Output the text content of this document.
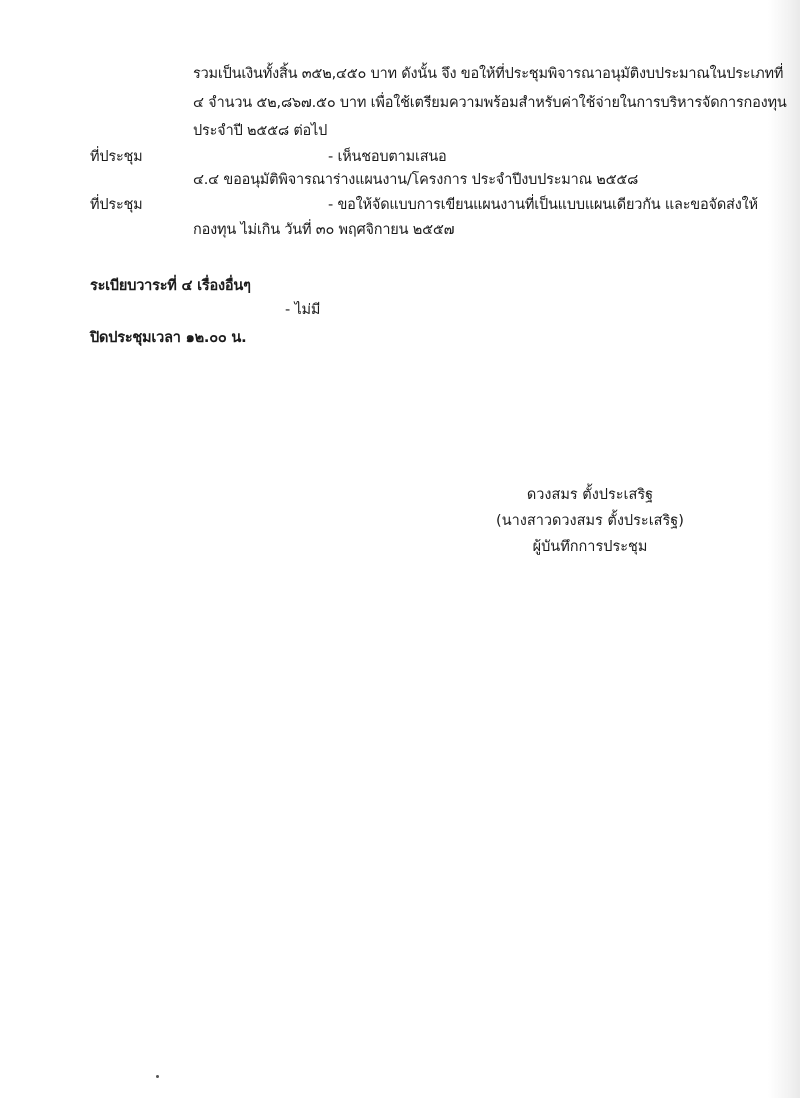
รวมเป็นเงินทั้งสิ้น ๓๕๒,๔๕๐ บาท ดังนั้น จึง ขอให้ที่ประชุมพิจารณาอนุมัติงบประมาณในประเภทที่
๔ จำนวน ๕๒,๘๖๗.๕๐ บาท เพื่อใช้เตรียมความพร้อมสำหรับค่าใช้จ่ายในการบริหารจัดการกองทุน
ประจำปี ๒๕๕๘ ต่อไป
ที่ประชุม	- เห็นชอบตามเสนอ
๔.๔ ขออนุมัติพิจารณาร่างแผนงาน/โครงการ ประจำปีงบประมาณ ๒๕๕๘
ที่ประชุม	- ขอให้จัดแบบการเขียนแผนงานที่เป็นแบบแผนเดียวกัน และขอจัดส่งให้
กองทุน ไม่เกิน วันที่ ๓๐ พฤศจิกายน ๒๕๕๗
ระเบียบวาระที่ ๔ เรื่องอื่นๆ
- ไม่มี
ปิดประชุมเวลา ๑๒.๐๐ น.
ดวงสมร ตั้งประเสริฐ
(นางสาวดวงสมร ตั้งประเสริฐ)
ผู้บันทึกการประชุม
